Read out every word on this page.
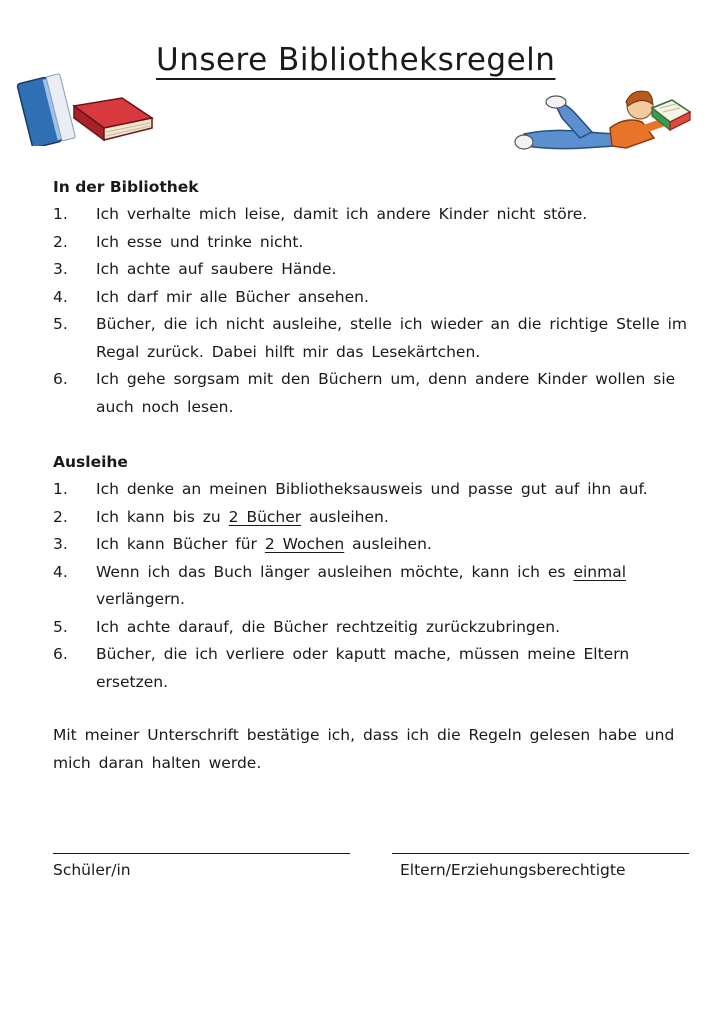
Unsere Bibliotheksregeln
In der Bibliothek
1.	Ich verhalte mich leise, damit ich andere Kinder nicht störe.
2.	Ich esse und trinke nicht.
3.	Ich achte auf saubere Hände.
4.	Ich darf mir alle Bücher ansehen.
5.	Bücher, die ich nicht ausleihe, stelle ich wieder an die richtige Stelle im Regal zurück. Dabei hilft mir das Lesekärtchen.
6.	Ich gehe sorgsam mit den Büchern um, denn andere Kinder wollen sie auch noch lesen.
Ausleihe
1.	Ich denke an meinen Bibliotheksausweis und passe gut auf ihn auf.
2.	Ich kann bis zu 2 Bücher ausleihen.
3.	Ich kann Bücher für 2 Wochen ausleihen.
4.	Wenn ich das Buch länger ausleihen möchte, kann ich es einmal verlängern.
5.	Ich achte darauf, die Bücher rechtzeitig zurückzubringen.
6.	Bücher, die ich verliere oder kaputt mache, müssen meine Eltern ersetzen.

Mit meiner Unterschrift bestätige ich, dass ich die Regeln gelesen habe und mich daran halten werde.

Schüler/in	Eltern/Erziehungsberechtigte
